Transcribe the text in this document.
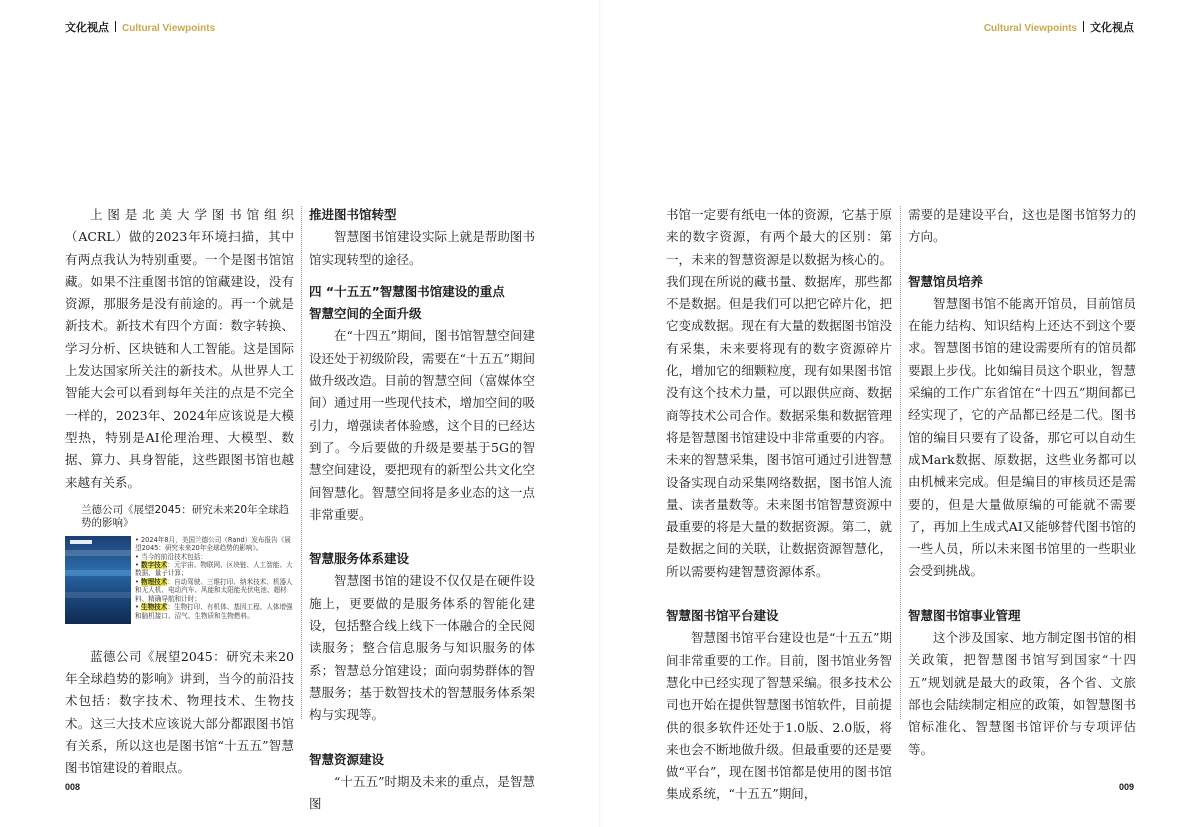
文化视点 Cultural Viewpoints	Cultural Viewpoints 文化视点

上图是北美大学图书馆组织（ACRL）做的2023年环境扫描，其中有两点我认为特别重要。一个是图书馆馆藏。如果不注重图书馆的馆藏建设，没有资源，那服务是没有前途的。再一个就是新技术。新技术有四个方面：数字转换、学习分析、区块链和人工智能。这是国际上发达国家所关注的新技术。从世界人工智能大会可以看到每年关注的点是不完全一样的，2023年、2024年应该说是大模型热，特别是AI伦理治理、大模型、数据、算力、具身智能，这些跟图书馆也越来越有关系。

兰德公司《展望2045：研究未来20年全球趋势的影响》
• 2024年8月，美国兰德公司（Rand）发布报告《展望2045：研究未来20年全球趋势的影响》。
• 当今的前沿技术包括：
• 数字技术：元宇宙、物联网、区块链、人工智能、大数据、量子计算；
• 物理技术：自动驾驶、三维打印、纳米技术、机器人和无人机、电动汽车、风能和太阳能光伏电池、超材料、精确导航和计时；
• 生物技术：生物打印、有机体、基因工程、人体增强和脑机接口、沼气、生物质和生物燃料。

蓝德公司《展望2045：研究未来20年全球趋势的影响》讲到，当今的前沿技术包括：数字技术、物理技术、生物技术。这三大技术应该说大部分都跟图书馆有关系，所以这也是图书馆“十五五”智慧图书馆建设的着眼点。

推进图书馆转型

智慧图书馆建设实际上就是帮助图书馆实现转型的途径。

四 “十五五”智慧图书馆建设的重点
智慧空间的全面升级

在“十四五”期间，图书馆智慧空间建设还处于初级阶段，需要在“十五五”期间做升级改造。目前的智慧空间（富媒体空间）通过用一些现代技术，增加空间的吸引力，增强读者体验感，这个目的已经达到了。今后要做的升级是要基于5G的智慧空间建设，要把现有的新型公共文化空间智慧化。智慧空间将是多业态的这一点非常重要。

智慧服务体系建设

智慧图书馆的建设不仅仅是在硬件设施上，更要做的是服务体系的智能化建设，包括整合线上线下一体融合的全民阅读服务；整合信息服务与知识服务的体系；智慧总分馆建设；面向弱势群体的智慧服务；基于数智技术的智慧服务体系架构与实现等。

智慧资源建设

“十五五”时期及未来的重点，是智慧图

书馆一定要有纸电一体的资源，它基于原来的数字资源，有两个最大的区别：第一，未来的智慧资源是以数据为核心的。我们现在所说的藏书量、数据库，那些都不是数据。但是我们可以把它碎片化，把它变成数据。现在有大量的数据图书馆没有采集，未来要将现有的数字资源碎片化，增加它的细颗粒度，现有如果图书馆没有这个技术力量，可以跟供应商、数据商等技术公司合作。数据采集和数据管理将是智慧图书馆建设中非常重要的内容。未来的智慧采集，图书馆可通过引进智慧设备实现自动采集网络数据，图书馆人流量、读者量数等。未来图书馆智慧资源中最重要的将是大量的数据资源。第二，就是数据之间的关联，让数据资源智慧化，所以需要构建智慧资源体系。

智慧图书馆平台建设

智慧图书馆平台建设也是“十五五”期间非常重要的工作。目前，图书馆业务智慧化中已经实现了智慧采编。很多技术公司也开始在提供智慧图书馆软件，目前提供的很多软件还处于1.0版、2.0版，将来也会不断地做升级。但最重要的还是要做“平台”，现在图书馆都是使用的图书馆集成系统，“十五五”期间，

需要的是建设平台，这也是图书馆努力的方向。

智慧馆员培养

智慧图书馆不能离开馆员，目前馆员在能力结构、知识结构上还达不到这个要求。智慧图书馆的建设需要所有的馆员都要跟上步伐。比如编目员这个职业，智慧采编的工作广东省馆在“十四五”期间都已经实现了，它的产品都已经是二代。图书馆的编目只要有了设备，那它可以自动生成Mark数据、原数据，这些业务都可以由机械来完成。但是编目的审核员还是需要的，但是大量做原编的可能就不需要了，再加上生成式AI又能够替代图书馆的一些人员，所以未来图书馆里的一些职业会受到挑战。

智慧图书馆事业管理

这个涉及国家、地方制定图书馆的相关政策，把智慧图书馆写到国家“十四五”规划就是最大的政策，各个省、文旅部也会陆续制定相应的政策，如智慧图书馆标准化、智慧图书馆评价与专项评估等。

008	009
